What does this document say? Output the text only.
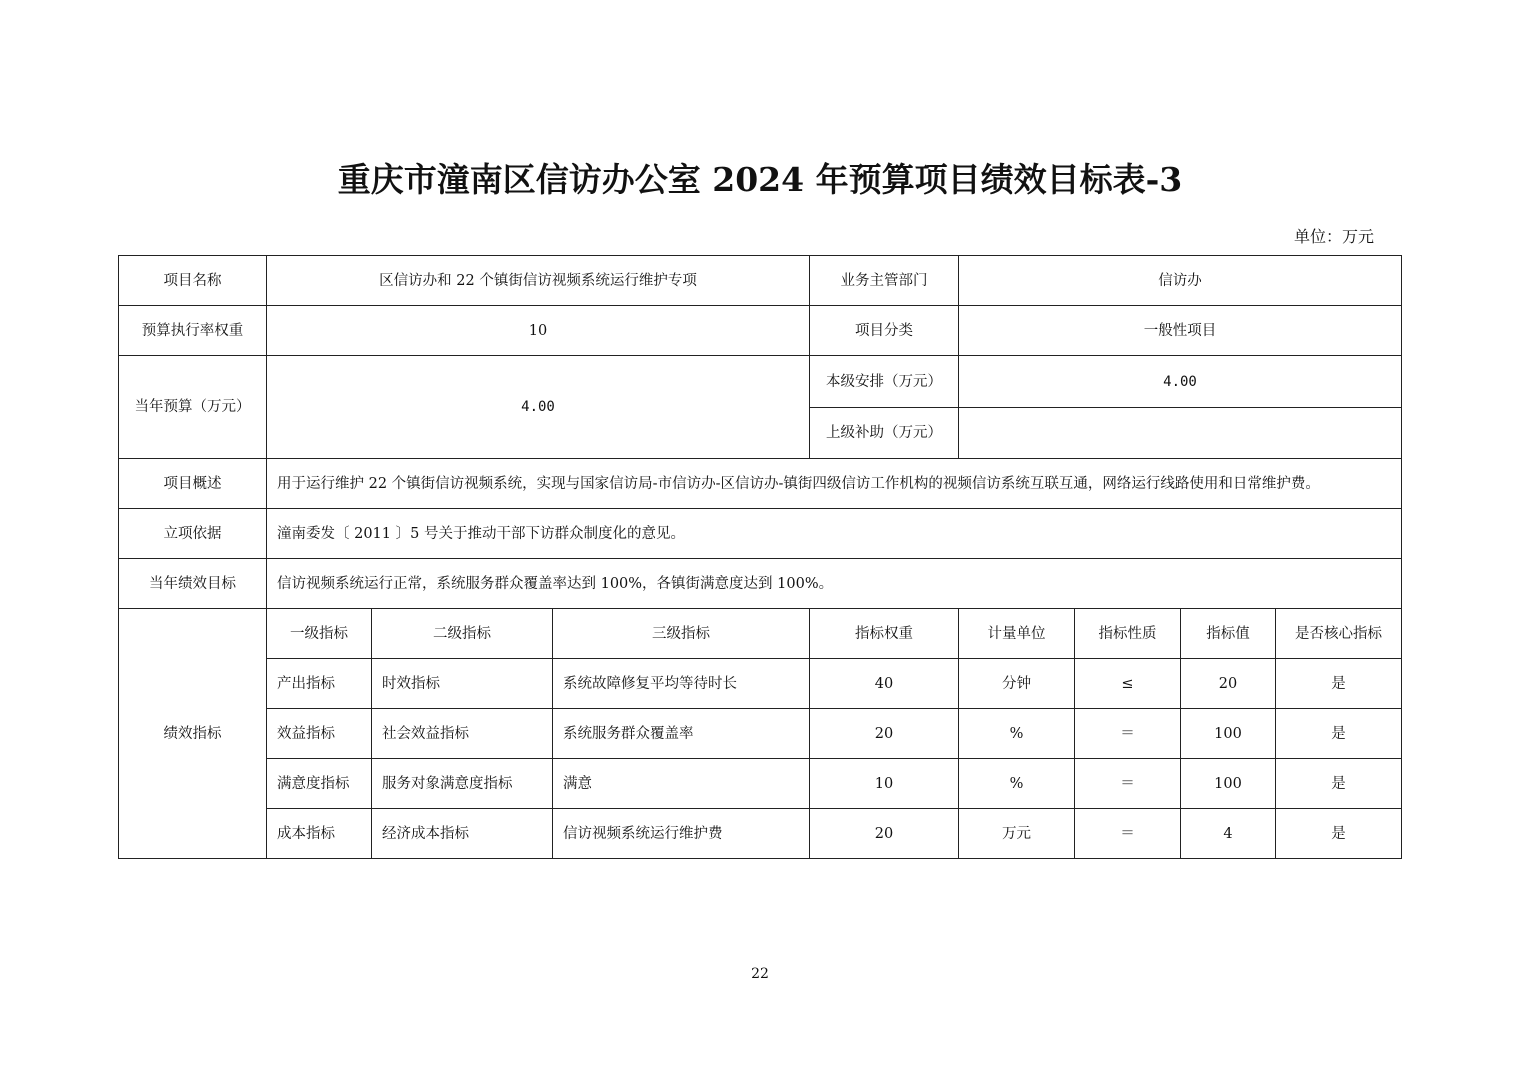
重庆市潼南区信访办公室 2024 年预算项目绩效目标表-3
单位：万元
项目名称	区信访办和 22 个镇街信访视频系统运行维护专项			业务主管部门	信访办			
预算执行率权重	10			项目分类	一般性项目			
当年预算（万元）	4.00			本级安排（万元）	4.00			
				上级补助（万元）				
项目概述	用于运行维护 22 个镇街信访视频系统，实现与国家信访局-市信访办-区信访办-镇街四级信访工作机构的视频信访系统互联互通，网络运行线路使用和日常维护费。							
立项依据	潼南委发〔 2011 〕5 号关于推动干部下访群众制度化的意见。							
当年绩效目标	信访视频系统运行正常，系统服务群众覆盖率达到 100%，各镇街满意度达到 100%。							
绩效指标	一级指标	二级指标	三级指标	指标权重	计量单位	指标性质	指标值	是否核心指标
	产出指标	时效指标	系统故障修复平均等待时长	40	分钟	≤	20	是
	效益指标	社会效益指标	系统服务群众覆盖率	20	%	＝	100	是
	满意度指标	服务对象满意度指标	满意	10	%	＝	100	是
	成本指标	经济成本指标	信访视频系统运行维护费	20	万元	＝	4	是
22
